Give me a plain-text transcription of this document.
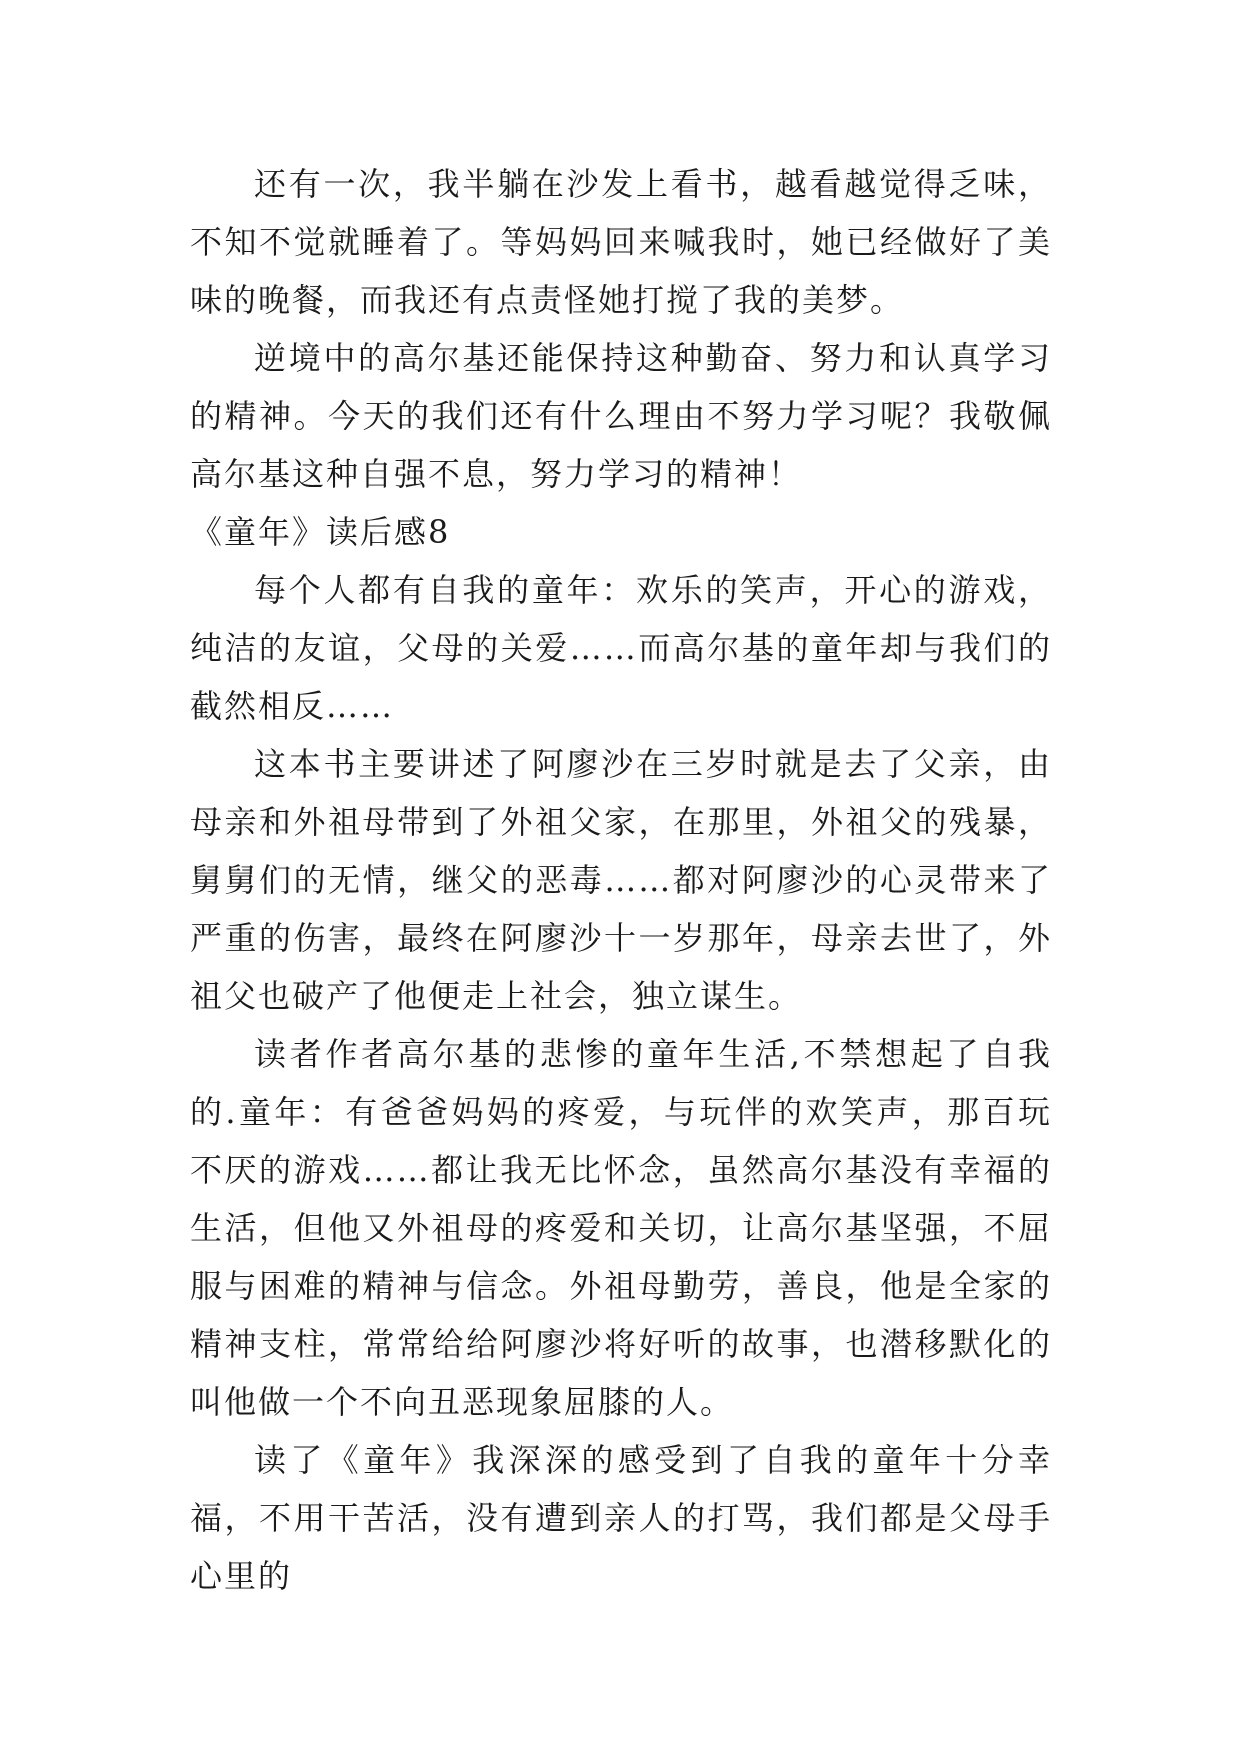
还有一次，我半躺在沙发上看书，越看越觉得乏味，不知不觉就睡着了。等妈妈回来喊我时，她已经做好了美味的晚餐，而我还有点责怪她打搅了我的美梦。

逆境中的高尔基还能保持这种勤奋、努力和认真学习的精神。今天的我们还有什么理由不努力学习呢？我敬佩高尔基这种自强不息，努力学习的精神！

《童年》读后感8

每个人都有自我的童年：欢乐的笑声，开心的游戏，纯洁的友谊，父母的关爱……而高尔基的童年却与我们的截然相反……

这本书主要讲述了阿廖沙在三岁时就是去了父亲，由母亲和外祖母带到了外祖父家，在那里，外祖父的残暴，舅舅们的无情，继父的恶毒……都对阿廖沙的心灵带来了严重的伤害，最终在阿廖沙十一岁那年，母亲去世了，外祖父也破产了他便走上社会，独立谋生。

读者作者高尔基的悲惨的童年生活,不禁想起了自我的.童年：有爸爸妈妈的疼爱，与玩伴的欢笑声，那百玩不厌的游戏……都让我无比怀念，虽然高尔基没有幸福的生活，但他又外祖母的疼爱和关切，让高尔基坚强，不屈服与困难的精神与信念。外祖母勤劳，善良，他是全家的精神支柱，常常给给阿廖沙将好听的故事，也潜移默化的叫他做一个不向丑恶现象屈膝的人。

读了《童年》我深深的感受到了自我的童年十分幸福，不用干苦活，没有遭到亲人的打骂，我们都是父母手心里的
